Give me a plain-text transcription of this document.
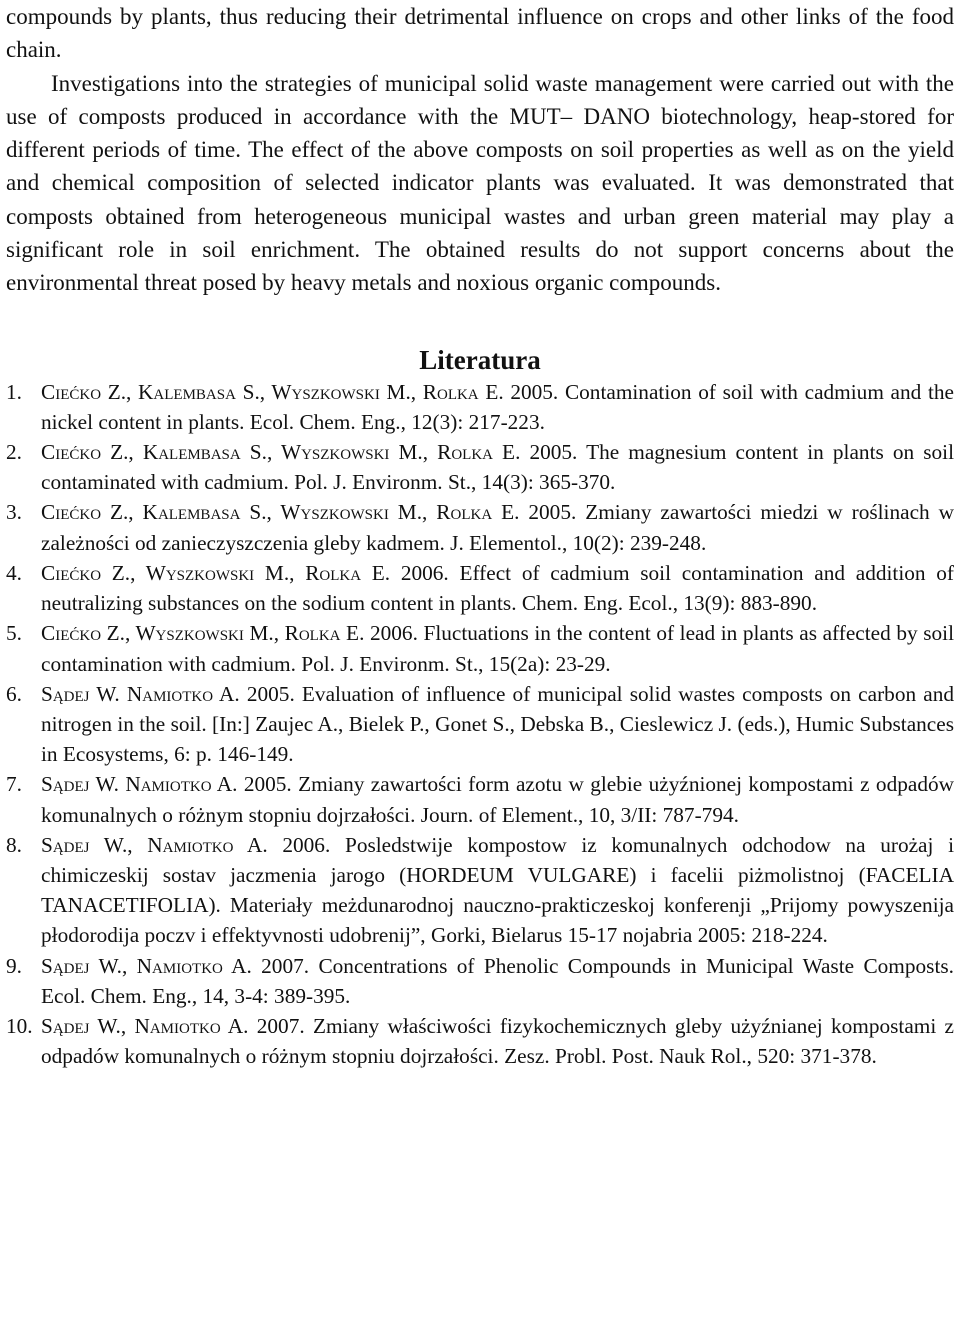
compounds by plants, thus reducing their detrimental influence on crops and other links of the food chain.

Investigations into the strategies of municipal solid waste management were carried out with the use of composts produced in accordance with the MUT– DANO biotechnology, heap-stored for different periods of time. The effect of the above composts on soil properties as well as on the yield and chemical composition of selected indicator plants was evaluated. It was demonstrated that composts obtained from heterogeneous municipal wastes and urban green material may play a significant role in soil enrichment. The obtained results do not support concerns about the environmental threat posed by heavy metals and noxious organic compounds.

Literatura
1. Ciećko Z., Kalembasa S., Wyszkowski M., Rolka E. 2005. Contamination of soil with cadmium and the nickel content in plants. Ecol. Chem. Eng., 12(3): 217-223.
2. Ciećko Z., Kalembasa S., Wyszkowski M., Rolka E. 2005. The magnesium content in plants on soil contaminated with cadmium. Pol. J. Environm. St., 14(3): 365-370.
3. Ciećko Z., Kalembasa S., Wyszkowski M., Rolka E. 2005. Zmiany zawartości miedzi w roślinach w zależności od zanieczyszczenia gleby kadmem. J. Elementol., 10(2): 239-248.
4. Ciećko Z., Wyszkowski M., Rolka E. 2006. Effect of cadmium soil contamination and addition of neutralizing substances on the sodium content in plants. Chem. Eng. Ecol., 13(9): 883-890.
5. Ciećko Z., Wyszkowski M., Rolka E. 2006. Fluctuations in the content of lead in plants as affected by soil contamination with cadmium. Pol. J. Environm. St., 15(2a): 23-29.
6. Sądej W. Namiotko A. 2005. Evaluation of influence of municipal solid wastes composts on carbon and nitrogen in the soil. [In:] Zaujec A., Bielek P., Gonet S., Debska B., Cieslewicz J. (eds.), Humic Substances in Ecosystems, 6: p. 146-149.
7. Sądej W. Namiotko A. 2005. Zmiany zawartości form azotu w glebie użyźnionej kompostami z odpadów komunalnych o różnym stopniu dojrzałości. Journ. of Element., 10, 3/II: 787-794.
8. Sądej W., Namiotko A. 2006. Posledstwije kompostow iz komunalnych odchodow na urożaj i chimiczeskij sostav jaczmenia jarogo (HORDEUM VULGARE) i facelii piżmolistnoj (FACELIA TANACETIFOLIA). Materiały meżdunarodnoj nauczno-prakticzeskoj konferenji „Prijomy powyszenija płodorodija poczv i effektyvnosti udobrenij”, Gorki, Bielarus 15-17 nojabria 2005: 218-224.
9. Sądej W., Namiotko A. 2007. Concentrations of Phenolic Compounds in Municipal Waste Composts. Ecol. Chem. Eng., 14, 3-4: 389-395.
10. Sądej W., Namiotko A. 2007. Zmiany właściwości fizykochemicznych gleby użyźnianej kompostami z odpadów komunalnych o różnym stopniu dojrzałości. Zesz. Probl. Post. Nauk Rol., 520: 371-378.
